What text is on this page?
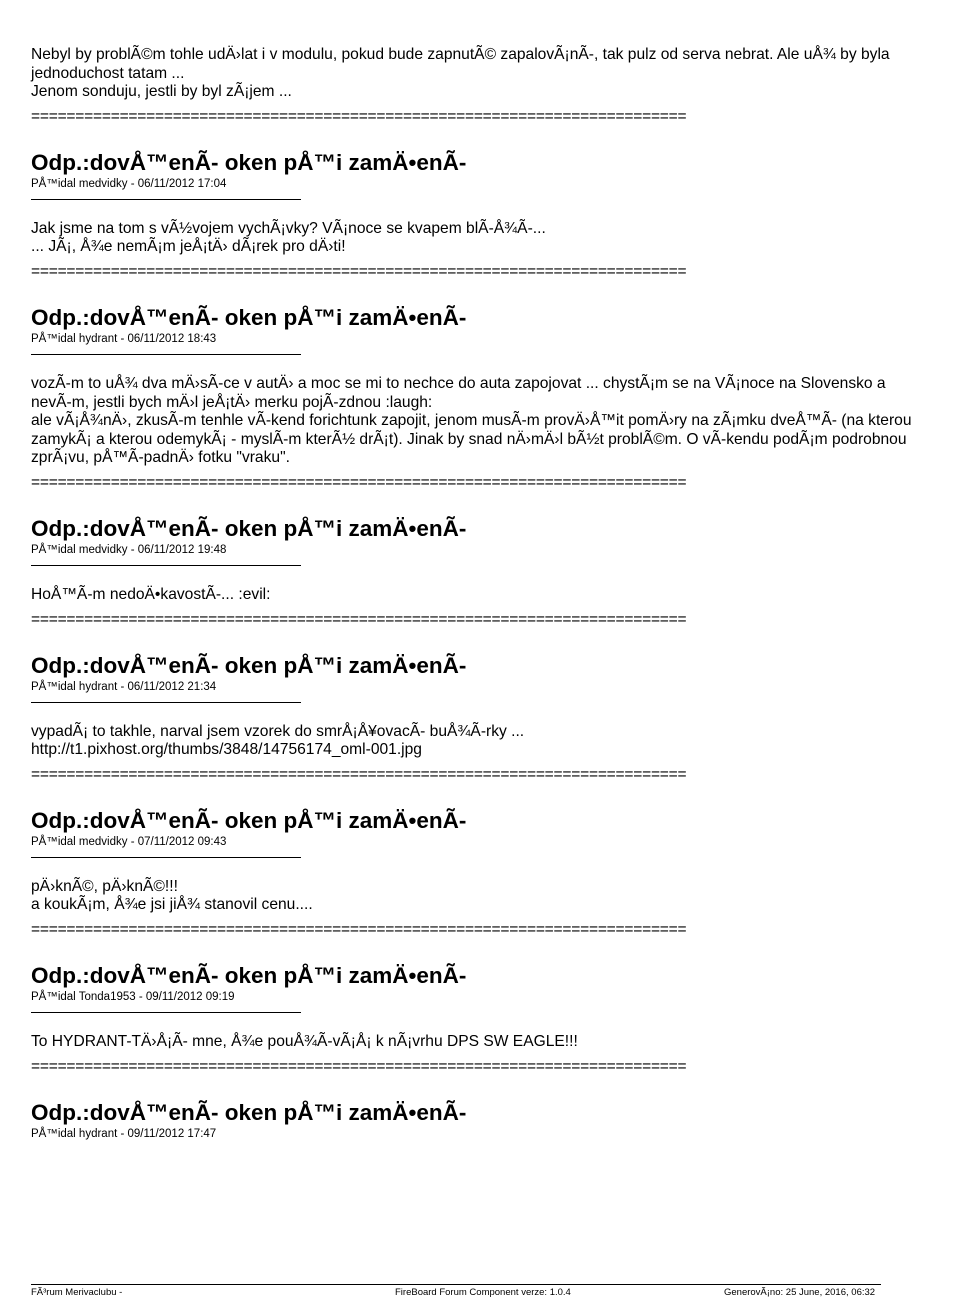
Nebyl by problÃ©m tohle udÄ›lat i v modulu, pokud bude zapnutÃ© zapalovÃ¡nÃ-, tak pulz od serva nebrat. Ale uÅ¾ by byla
jednoduchost tatam ...
Jenom sonduju, jestli by byl zÃ¡jem ...
==========================================================================
Odp.:dovÅ™enÃ- oken pÅ™i zamÄ•enÃ-
PÅ™idal medvidky - 06/11/2012 17:04
Jak jsme na tom s vÃ½vojem vychÃ¡vky? VÃ¡noce se kvapem blÃ-Å¾Ã-...
... JÃ¡, Å¾e nemÃ¡m jeÅ¡tÄ› dÃ¡rek pro dÄ›ti!
==========================================================================
Odp.:dovÅ™enÃ- oken pÅ™i zamÄ•enÃ-
PÅ™idal hydrant - 06/11/2012 18:43
vozÃ-m to uÅ¾ dva mÄ›sÃ-ce v autÄ› a moc se mi to nechce do auta zapojovat ... chystÃ¡m se na VÃ¡noce na Slovensko a
nevÃ-m, jestli bych mÄ›l jeÅ¡tÄ› merku pojÃ-zdnou :laugh:
ale vÃ¡Å¾nÄ›, zkusÃ-m tenhle vÃ-kend forichtunk zapojit, jenom musÃ-m provÄ›Å™it pomÄ›ry na zÃ¡mku dveÅ™Ã- (na kterou
zamykÃ¡ a kterou odemykÃ¡ - myslÃ-m kterÃ½ drÃ¡t). Jinak by snad nÄ›mÄ›l bÃ½t problÃ©m. O vÃ-kendu podÃ¡m podrobnou
zprÃ¡vu, pÅ™Ã-padnÄ› fotku "vraku".
==========================================================================
Odp.:dovÅ™enÃ- oken pÅ™i zamÄ•enÃ-
PÅ™idal medvidky - 06/11/2012 19:48
HoÅ™Ã-m nedoÄ•kavostÃ-... :evil:
==========================================================================
Odp.:dovÅ™enÃ- oken pÅ™i zamÄ•enÃ-
PÅ™idal hydrant - 06/11/2012 21:34
vypadÃ¡ to takhle, narval jsem vzorek do smrÅ¡Å¥ovacÃ- buÅ¾Ã-rky ...
http://t1.pixhost.org/thumbs/3848/14756174_oml-001.jpg
==========================================================================
Odp.:dovÅ™enÃ- oken pÅ™i zamÄ•enÃ-
PÅ™idal medvidky - 07/11/2012 09:43
pÄ›knÃ©, pÄ›knÃ©!!!
a koukÃ¡m, Å¾e jsi jiÅ¾ stanovil cenu....
==========================================================================
Odp.:dovÅ™enÃ- oken pÅ™i zamÄ•enÃ-
PÅ™idal Tonda1953 - 09/11/2012 09:19
To HYDRANT-TÄ›Å¡Ã- mne, Å¾e pouÅ¾Ã-vÃ¡Å¡ k nÃ¡vrhu DPS SW EAGLE!!!
==========================================================================
Odp.:dovÅ™enÃ- oken pÅ™i zamÄ•enÃ-
PÅ™idal hydrant - 09/11/2012 17:47
FÃ³rum Merivaclubu -	FireBoard Forum Component verze: 1.0.4	GenerovÃ¡no: 25 June, 2016, 06:32
